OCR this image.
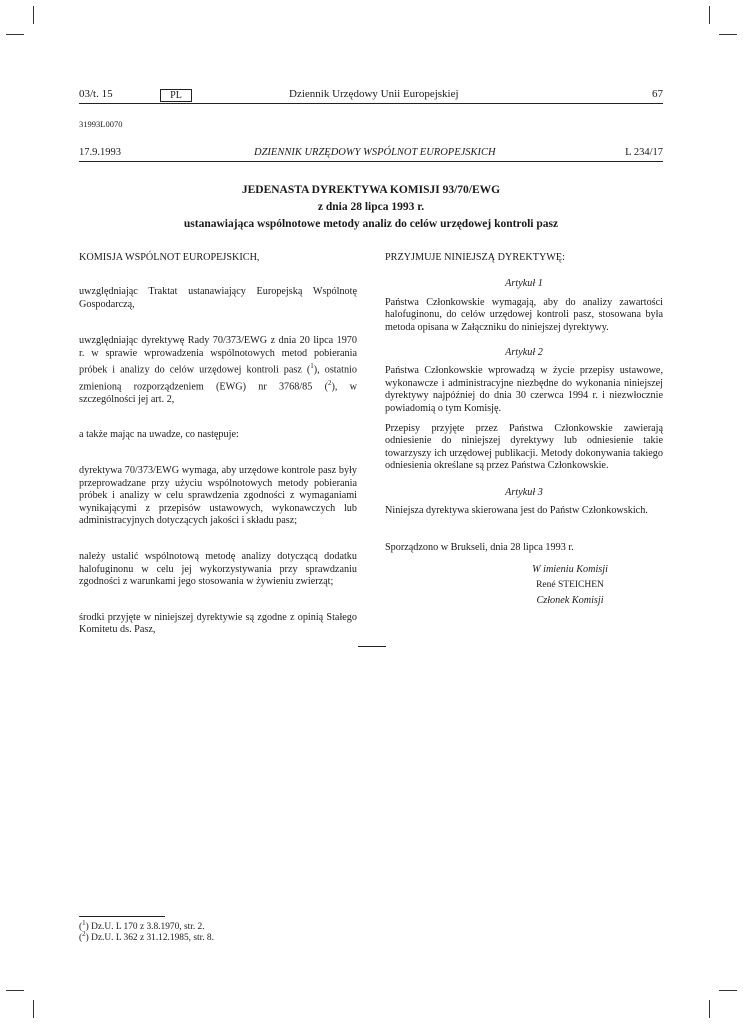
03/t. 15	PL	Dziennik Urzędowy Unii Europejskiej	67
31993L0070
17.9.1993	DZIENNIK URZĘDOWY WSPÓLNOT EUROPEJSKICH	L 234/17
JEDENASTA DYREKTYWA KOMISJI 93/70/EWG
z dnia 28 lipca 1993 r.
ustanawiająca wspólnotowe metody analiz do celów urzędowej kontroli pasz

KOMISJA WSPÓLNOT EUROPEJSKICH,

uwzględniając Traktat ustanawiający Europejską Wspólnotę Gospodarczą,

uwzględniając dyrektywę Rady 70/373/EWG z dnia 20 lipca 1970 r. w sprawie wprowadzenia wspólnotowych metod pobierania próbek i analizy do celów urzędowej kontroli pasz ($^1$), ostatnio zmienioną rozporządzeniem (EWG) nr 3768/85 ($^2$), w szczególności jej art. 2,

a także mając na uwadze, co następuje:

dyrektywa 70/373/EWG wymaga, aby urzędowe kontrole pasz były przeprowadzane przy użyciu wspólnotowych metody pobierania próbek i analizy w celu sprawdzenia zgodności z wymaganiami wynikającymi z przepisów ustawowych, wykonawczych lub administracyjnych dotyczących jakości i składu pasz;

należy ustalić wspólnotową metodę analizy dotyczącą dodatku halofuginonu w celu jej wykorzystywania przy sprawdzaniu zgodności z warunkami jego stosowania w żywieniu zwierząt;

środki przyjęte w niniejszej dyrektywie są zgodne z opinią Stałego Komitetu ds. Pasz,

PRZYJMUJE NINIEJSZĄ DYREKTYWĘ:

Artykuł 1

Państwa Członkowskie wymagają, aby do analizy zawartości halofuginonu, do celów urzędowej kontroli pasz, stosowana była metoda opisana w Załączniku do niniejszej dyrektywy.

Artykuł 2

Państwa Członkowskie wprowadzą w życie przepisy ustawowe, wykonawcze i administracyjne niezbędne do wykonania niniejszej dyrektywy najpóźniej do dnia 30 czerwca 1994 r. i niezwłocznie powiadomią o tym Komisję.

Przepisy przyjęte przez Państwa Członkowskie zawierają odniesienie do niniejszej dyrektywy lub odniesienie takie towarzyszy ich urzędowej publikacji. Metody dokonywania takiego odniesienia określane są przez Państwa Członkowskie.

Artykuł 3

Niniejsza dyrektywa skierowana jest do Państw Członkowskich.

Sporządzono w Brukseli, dnia 28 lipca 1993 r.

W imieniu Komisji

René STEICHEN

Członek Komisji

($^1$) Dz.U. L 170 z 3.8.1970, str. 2.
($^2$) Dz.U. L 362 z 31.12.1985, str. 8.
